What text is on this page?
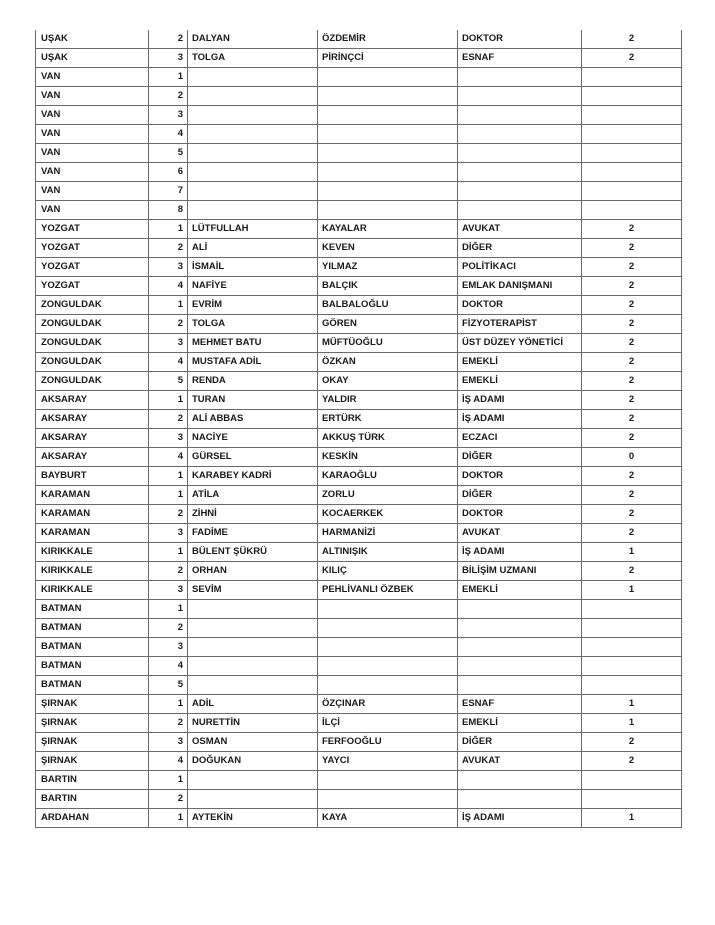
UŞAK	2	DALYAN	ÖZDEMİR	DOKTOR	2
UŞAK	3	TOLGA	PİRİNÇCİ	ESNAF	2
VAN	1				
VAN	2				
VAN	3				
VAN	4				
VAN	5				
VAN	6				
VAN	7				
VAN	8				
YOZGAT	1	LÜTFULLAH	KAYALAR	AVUKAT	2
YOZGAT	2	ALİ	KEVEN	DİĞER	2
YOZGAT	3	İSMAİL	YILMAZ	POLİTİKACI	2
YOZGAT	4	NAFİYE	BALÇIK	EMLAK DANIŞMANI	2
ZONGULDAK	1	EVRİM	BALBALOĞLU	DOKTOR	2
ZONGULDAK	2	TOLGA	GÖREN	FİZYOTERAPİST	2
ZONGULDAK	3	MEHMET BATU	MÜFTÜOĞLU	ÜST DÜZEY YÖNETİCİ	2
ZONGULDAK	4	MUSTAFA ADİL	ÖZKAN	EMEKLİ	2
ZONGULDAK	5	RENDA	OKAY	EMEKLİ	2
AKSARAY	1	TURAN	YALDIR	İŞ ADAMI	2
AKSARAY	2	ALİ ABBAS	ERTÜRK	İŞ ADAMI	2
AKSARAY	3	NACİYE	AKKUŞ TÜRK	ECZACI	2
AKSARAY	4	GÜRSEL	KESKİN	DİĞER	0
BAYBURT	1	KARABEY KADRİ	KARAOĞLU	DOKTOR	2
KARAMAN	1	ATİLA	ZORLU	DİĞER	2
KARAMAN	2	ZİHNİ	KOCAERKEK	DOKTOR	2
KARAMAN	3	FADİME	HARMANİZİ	AVUKAT	2
KIRIKKALE	1	BÜLENT ŞÜKRÜ	ALTINIŞIK	İŞ ADAMI	1
KIRIKKALE	2	ORHAN	KILIÇ	BİLİŞİM UZMANI	2
KIRIKKALE	3	SEVİM	PEHLİVANLI ÖZBEK	EMEKLİ	1
BATMAN	1				
BATMAN	2				
BATMAN	3				
BATMAN	4				
BATMAN	5				
ŞIRNAK	1	ADİL	ÖZÇINAR	ESNAF	1
ŞIRNAK	2	NURETTİN	İLÇİ	EMEKLİ	1
ŞIRNAK	3	OSMAN	FERFOOĞLU	DİĞER	2
ŞIRNAK	4	DOĞUKAN	YAYCI	AVUKAT	2
BARTIN	1				
BARTIN	2				
ARDAHAN	1	AYTEKİN	KAYA	İŞ ADAMI	1
